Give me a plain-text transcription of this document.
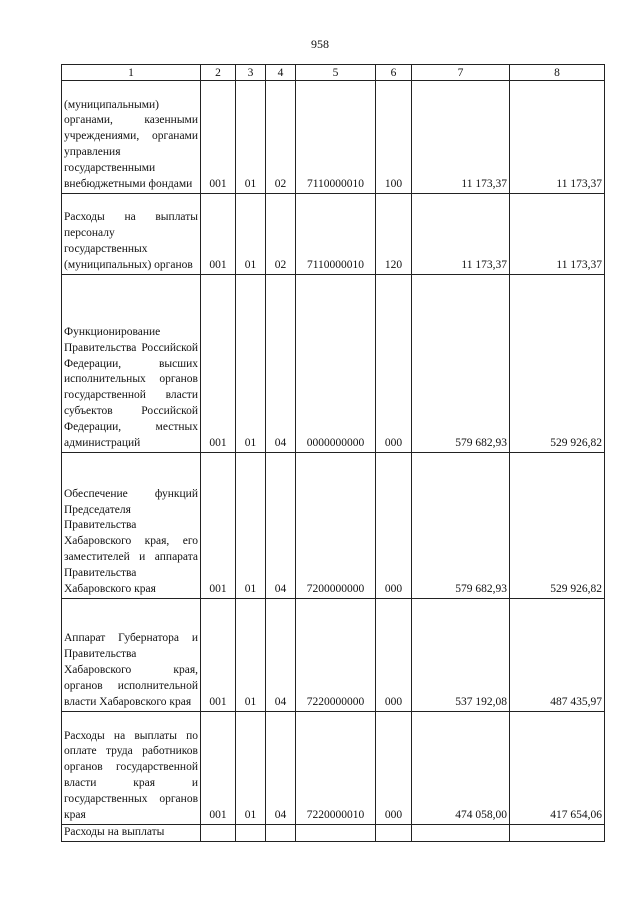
958
1	2	3	4	5	6	7	8
(муниципальными) органами, казенными учреждениями, органами управления государственными внебюджетными фондами	001	01	02	7110000010	100	11 173,37	11 173,37
Расходы на выплаты персоналу государственных (муниципальных) органов	001	01	02	7110000010	120	11 173,37	11 173,37
Функционирование Правительства Российской Федерации, высших исполнительных органов государственной власти субъектов Российской Федерации, местных администраций	001	01	04	0000000000	000	579 682,93	529 926,82
Обеспечение функций Председателя Правительства Хабаровского края, его заместителей и аппарата Правительства Хабаровского края	001	01	04	7200000000	000	579 682,93	529 926,82
Аппарат Губернатора и Правительства Хабаровского края, органов исполнительной власти Хабаровского края	001	01	04	7220000000	000	537 192,08	487 435,97
Расходы на выплаты по оплате труда работников органов государственной власти края и государственных органов края	001	01	04	7220000010	000	474 058,00	417 654,06
Расходы на выплаты							
